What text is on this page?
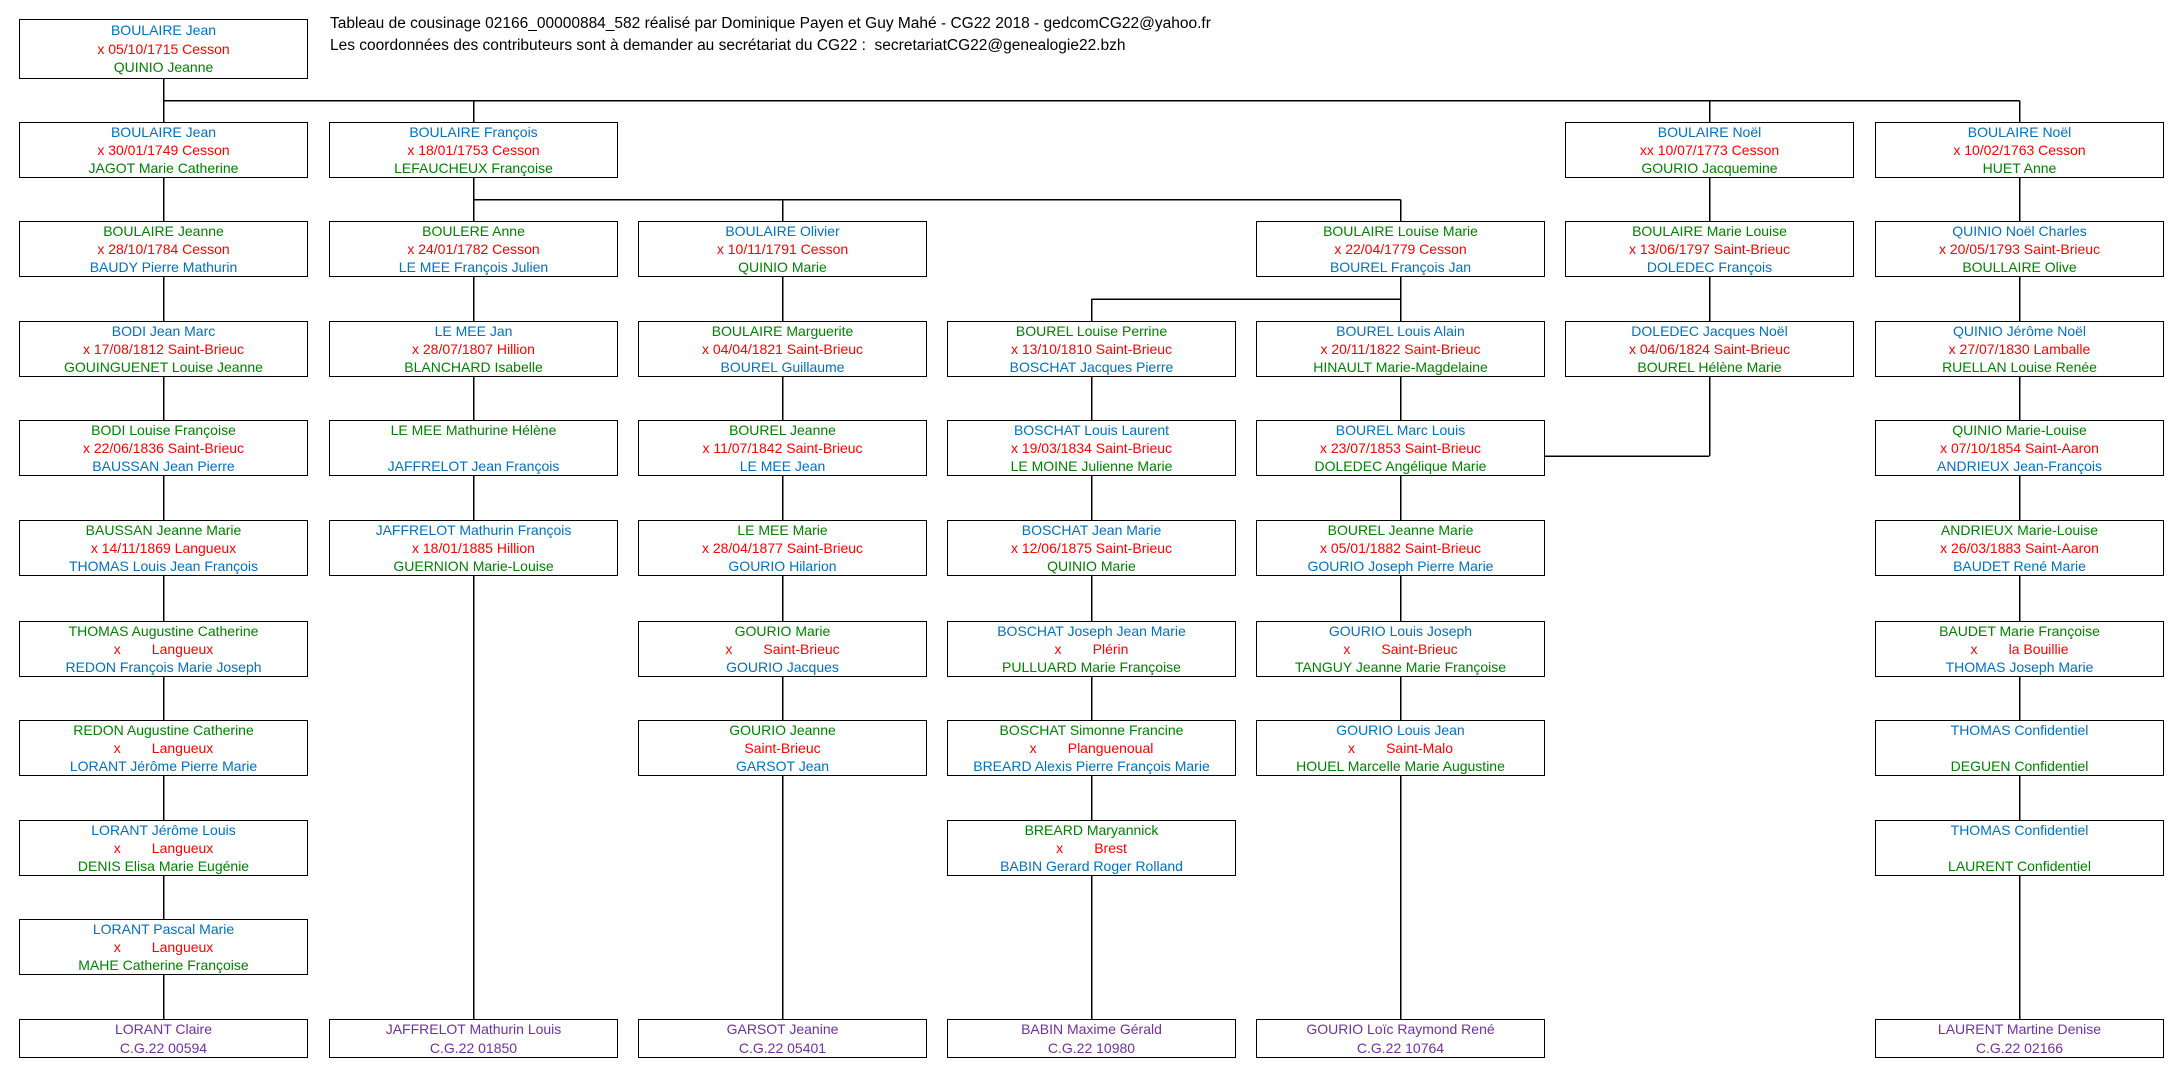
Tableau de cousinage 02166_00000884_582 réalisé par Dominique Payen et Guy Mahé - CG22 2018 - gedcomCG22@yahoo.fr
Les coordonnées des contributeurs sont à demander au secrétariat du CG22 :  secretariatCG22@genealogie22.bzh
BOULAIRE Jean
x 05/10/1715 Cesson
QUINIO Jeanne
BOULAIRE Jean
x 30/01/1749 Cesson
JAGOT Marie Catherine
BOULAIRE Jeanne
x 28/10/1784 Cesson
BAUDY Pierre Mathurin
BODI Jean Marc
x 17/08/1812 Saint-Brieuc
GOUINGUENET Louise Jeanne
BODI Louise Françoise
x 22/06/1836 Saint-Brieuc
BAUSSAN Jean Pierre
BAUSSAN Jeanne Marie
x 14/11/1869 Langueux
THOMAS Louis Jean François
THOMAS Augustine Catherine
x        Langueux
REDON François Marie Joseph
REDON Augustine Catherine
x        Langueux
LORANT Jérôme Pierre Marie
LORANT Jérôme Louis
x        Langueux
DENIS Elisa Marie Eugénie
LORANT Pascal Marie
x        Langueux
MAHE Catherine Françoise
LORANT Claire
C.G.22 00594
BOULAIRE François
x 18/01/1753 Cesson
LEFAUCHEUX Françoise
BOULERE Anne
x 24/01/1782 Cesson
LE MEE François Julien
LE MEE Jan
x 28/07/1807 Hillion
BLANCHARD Isabelle
LE MEE Mathurine Hélène

JAFFRELOT Jean François
JAFFRELOT Mathurin François
x 18/01/1885 Hillion
GUERNION Marie-Louise
JAFFRELOT Mathurin Louis
C.G.22 01850
BOULAIRE Olivier
x 10/11/1791 Cesson
QUINIO Marie
BOULAIRE Marguerite
x 04/04/1821 Saint-Brieuc
BOUREL Guillaume
BOUREL Jeanne
x 11/07/1842 Saint-Brieuc
LE MEE Jean
LE MEE Marie
x 28/04/1877 Saint-Brieuc
GOURIO Hilarion
GOURIO Marie
x        Saint-Brieuc
GOURIO Jacques
GOURIO Jeanne
Saint-Brieuc
GARSOT Jean
GARSOT Jeanine
C.G.22 05401
BOUREL Louise Perrine
x 13/10/1810 Saint-Brieuc
BOSCHAT Jacques Pierre
BOSCHAT Louis Laurent
x 19/03/1834 Saint-Brieuc
LE MOINE Julienne Marie
BOSCHAT Jean Marie
x 12/06/1875 Saint-Brieuc
QUINIO Marie
BOSCHAT Joseph Jean Marie
x        Plérin
PULLUARD Marie Françoise
BOSCHAT Simonne Francine
x        Planguenoual
BREARD Alexis Pierre François Marie
BREARD Maryannick
x        Brest
BABIN Gerard Roger Rolland
BABIN Maxime Gérald
C.G.22 10980
BOULAIRE Louise Marie
x 22/04/1779 Cesson
BOUREL François Jan
BOUREL Louis Alain
x 20/11/1822 Saint-Brieuc
HINAULT Marie-Magdelaine
BOUREL Marc Louis
x 23/07/1853 Saint-Brieuc
DOLEDEC Angélique Marie
BOUREL Jeanne Marie
x 05/01/1882 Saint-Brieuc
GOURIO Joseph Pierre Marie
GOURIO Louis Joseph
x        Saint-Brieuc
TANGUY Jeanne Marie Françoise
GOURIO Louis Jean
x        Saint-Malo
HOUEL Marcelle Marie Augustine
GOURIO Loïc Raymond René
C.G.22 10764
BOULAIRE Noël
xx 10/07/1773 Cesson
GOURIO Jacquemine
BOULAIRE Marie Louise
x 13/06/1797 Saint-Brieuc
DOLEDEC François
DOLEDEC Jacques Noël
x 04/06/1824 Saint-Brieuc
BOUREL Hélène Marie
BOULAIRE Noël
x 10/02/1763 Cesson
HUET Anne
QUINIO Noël Charles
x 20/05/1793 Saint-Brieuc
BOULLAIRE Olive
QUINIO Jérôme Noël
x 27/07/1830 Lamballe
RUELLAN Louise Renée
QUINIO Marie-Louise
x 07/10/1854 Saint-Aaron
ANDRIEUX Jean-François
ANDRIEUX Marie-Louise
x 26/03/1883 Saint-Aaron
BAUDET René Marie
BAUDET Marie Françoise
x        la Bouillie
THOMAS Joseph Marie
THOMAS Confidentiel

DEGUEN Confidentiel
THOMAS Confidentiel

LAURENT Confidentiel
LAURENT Martine Denise
C.G.22 02166
